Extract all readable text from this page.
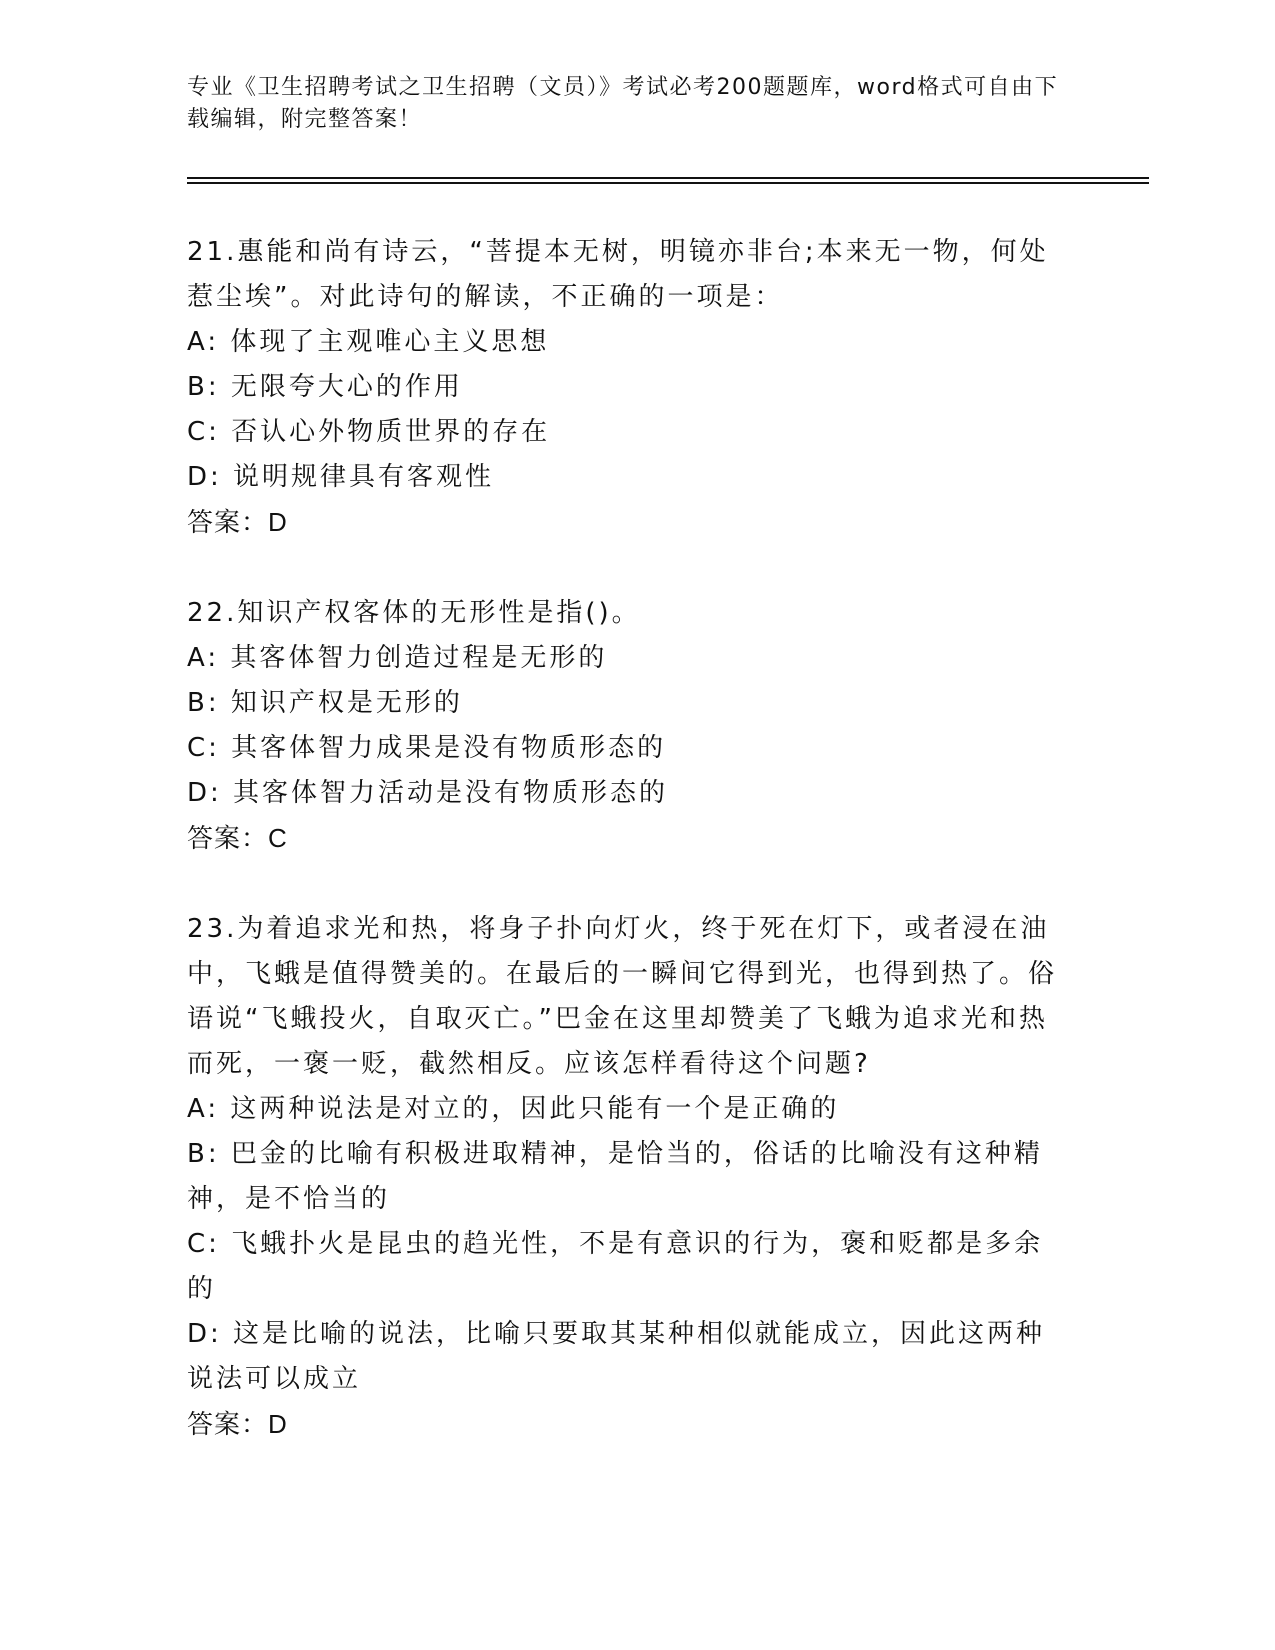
专业《卫生招聘考试之卫生招聘（文员）》考试必考200题题库，word格式可自由下载编辑，附完整答案！

21.惠能和尚有诗云，“菩提本无树，明镜亦非台;本来无一物，何处惹尘埃”。对此诗句的解读，不正确的一项是：

A: 体现了主观唯心主义思想

B: 无限夸大心的作用

C: 否认心外物质世界的存在

D: 说明规律具有客观性

答案：D

22.知识产权客体的无形性是指()。

A: 其客体智力创造过程是无形的

B: 知识产权是无形的

C: 其客体智力成果是没有物质形态的

D: 其客体智力活动是没有物质形态的

答案：C

23.为着追求光和热，将身子扑向灯火，终于死在灯下，或者浸在油中，飞蛾是值得赞美的。在最后的一瞬间它得到光，也得到热了。俗语说“飞蛾投火，自取灭亡。”巴金在这里却赞美了飞蛾为追求光和热而死，一褒一贬，截然相反。应该怎样看待这个问题?

A: 这两种说法是对立的，因此只能有一个是正确的

B: 巴金的比喻有积极进取精神，是恰当的，俗话的比喻没有这种精神，是不恰当的

C: 飞蛾扑火是昆虫的趋光性，不是有意识的行为，褒和贬都是多余的

D: 这是比喻的说法，比喻只要取其某种相似就能成立，因此这两种说法可以成立

答案：D
